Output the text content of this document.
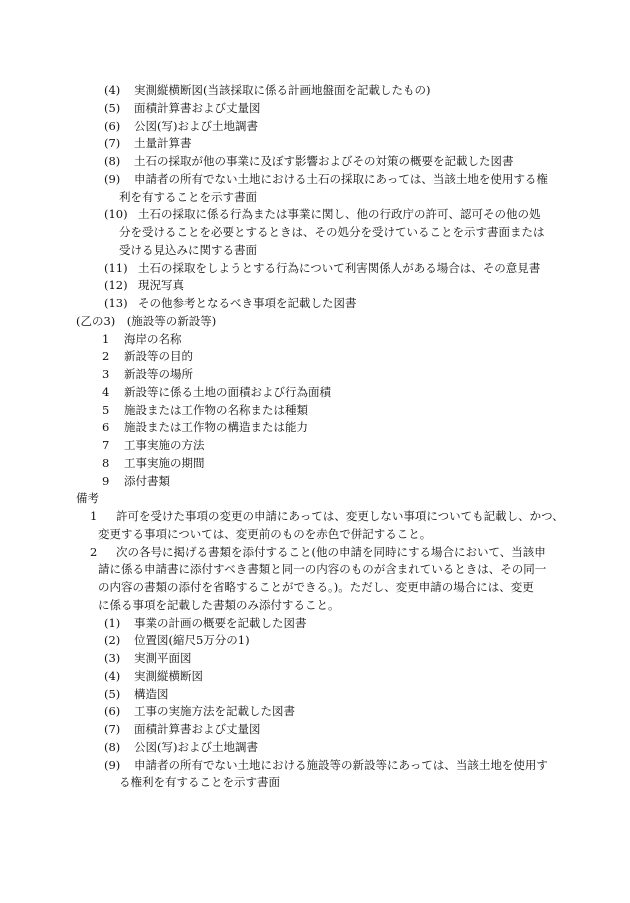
(4) 実測縦横断図(当該採取に係る計画地盤面を記載したもの)
(5) 面積計算書および丈量図
(6) 公図(写)および土地調書
(7) 土量計算書
(8) 土石の採取が他の事業に及ぼす影響およびその対策の概要を記載した図書
(9) 申請者の所有でない土地における土石の採取にあっては、当該土地を使用する権
利を有することを示す書面
(10) 土石の採取に係る行為または事業に関し、他の行政庁の許可、認可その他の処
分を受けることを必要とするときは、その処分を受けていることを示す書面または
受ける見込みに関する書面
(11) 土石の採取をしようとする行為について利害関係人がある場合は、その意見書
(12) 現況写真
(13) その他参考となるべき事項を記載した図書
(乙の3)　(施設等の新設等)
1 海岸の名称
2 新設等の目的
3 新設等の場所
4 新設等に係る土地の面積および行為面積
5 施設または工作物の名称または種類
6 施設または工作物の構造または能力
7 工事実施の方法
8 工事実施の期間
9 添付書類
備考
1 許可を受けた事項の変更の申請にあっては、変更しない事項についても記載し、かつ、
変更する事項については、変更前のものを赤色で併記すること。
2 次の各号に掲げる書類を添付すること(他の申請を同時にする場合において、当該申
請に係る申請書に添付すべき書類と同一の内容のものが含まれているときは、その同一
の内容の書類の添付を省略することができる。)。ただし、変更申請の場合には、変更
に係る事項を記載した書類のみ添付すること。
(1) 事業の計画の概要を記載した図書
(2) 位置図(縮尺5万分の1)
(3) 実測平面図
(4) 実測縦横断図
(5) 構造図
(6) 工事の実施方法を記載した図書
(7) 面積計算書および丈量図
(8) 公図(写)および土地調書
(9) 申請者の所有でない土地における施設等の新設等にあっては、当該土地を使用す
る権利を有することを示す書面
